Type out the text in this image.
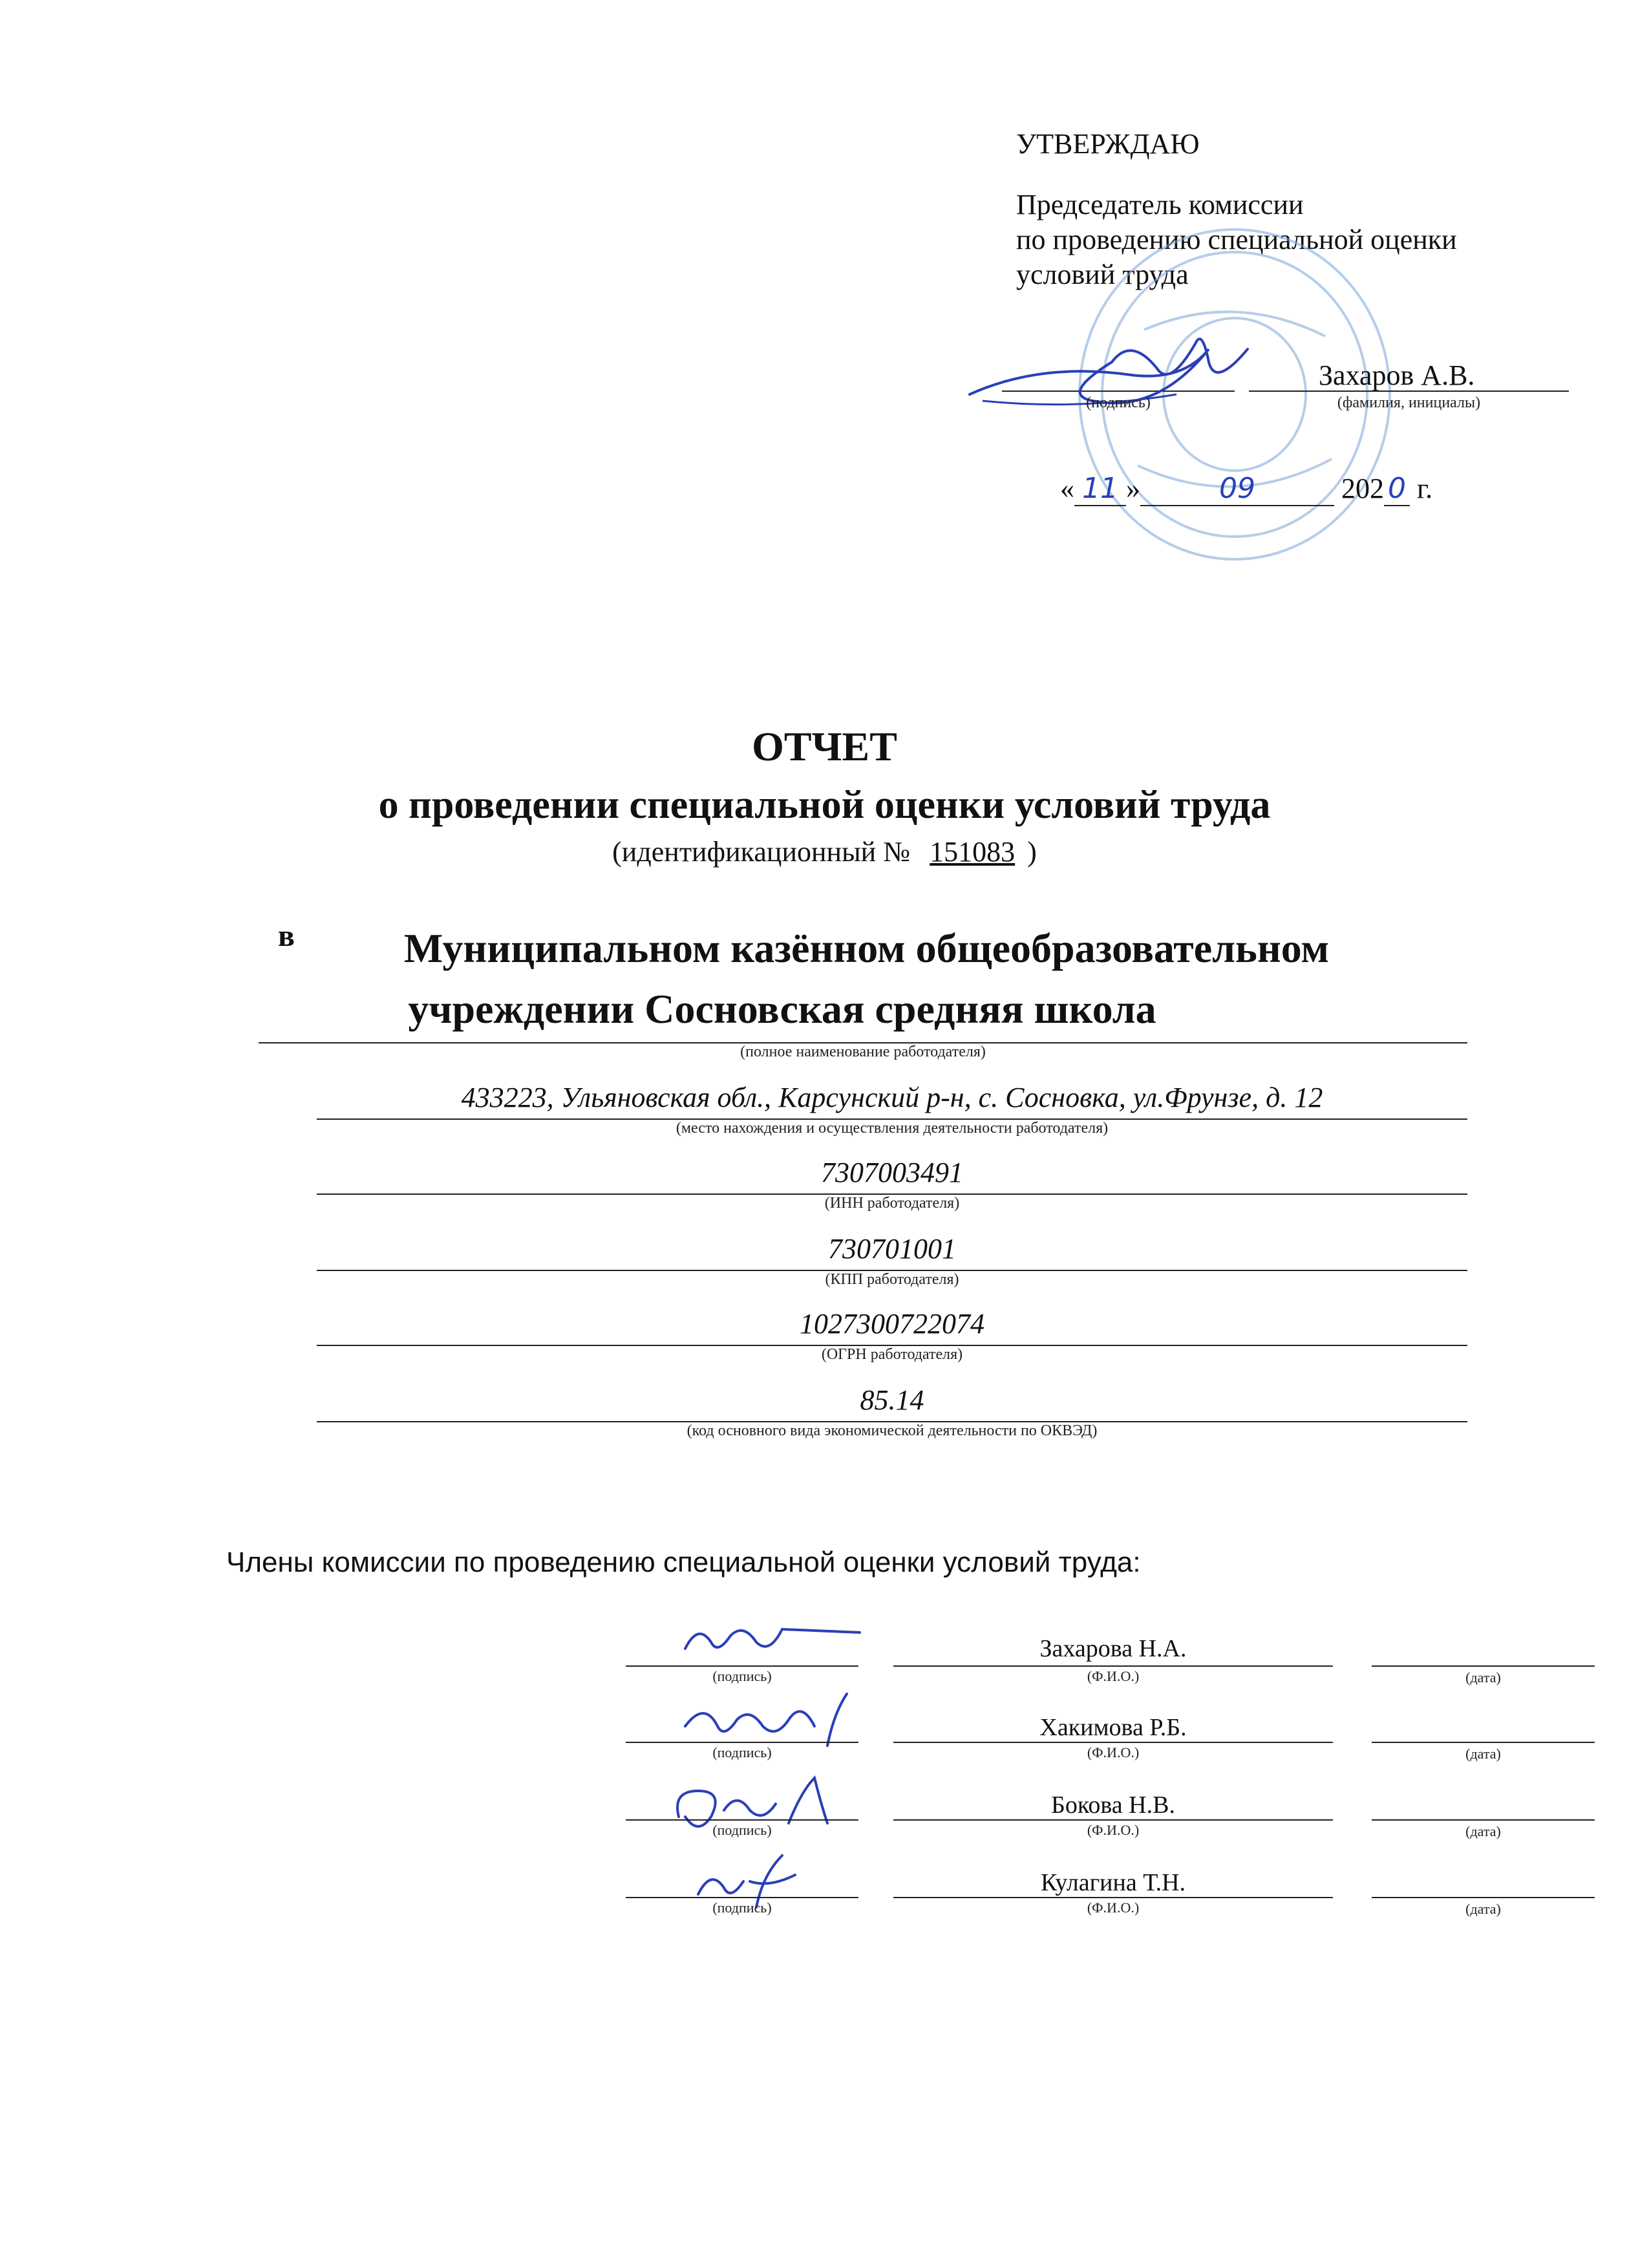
УТВЕРЖДАЮ
Председатель комиссии
по проведению специальной оценки
условий труда
Захаров А.В.
(подпись)	(фамилия, инициалы)
« 11 »	09	202 0 г.
ОТЧЕТ
о проведении специальной оценки условий труда
(идентификационный № 151083 )
в	Муниципальном казённом общеобразовательном
учреждении Сосновская средняя школа
(полное наименование работодателя)
433223, Ульяновская обл., Карсунский р-н, с. Сосновка, ул.Фрунзе, д. 12
(место нахождения и осуществления деятельности работодателя)
7307003491
(ИНН работодателя)
730701001
(КПП работодателя)
1027300722074
(ОГРН работодателя)
85.14
(код основного вида экономической деятельности по ОКВЭД)
Члены комиссии по проведению специальной оценки условий труда:
Захарова Н.А.
(подпись)	(Ф.И.О.)	(дата)
Хакимова Р.Б.
(подпись)	(Ф.И.О.)	(дата)
Бокова Н.В.
(подпись)	(Ф.И.О.)	(дата)
Кулагина Т.Н.
(подпись)	(Ф.И.О.)	(дата)
